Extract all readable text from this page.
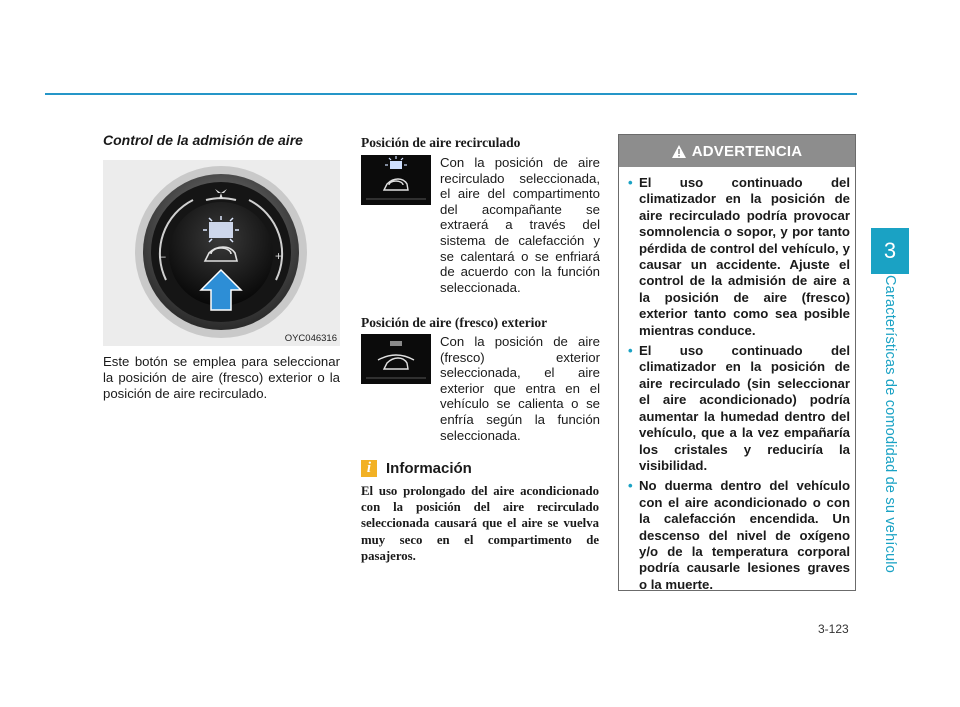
3
Características de comodidad de su vehículo
Control de la admisión de aire
–	+
OYC046316
Este botón se emplea para seleccionar la posición de aire (fresco) exterior o la posición de aire recirculado.
Posición de aire recirculado
Con la posición de aire recirculado seleccionada, el aire del compartimento del acompañante se extraerá a través del sistema de calefacción y se calentará o se enfriará de acuerdo con la función seleccionada.
Posición de aire (fresco) exterior
Con la posición de aire (fresco) exterior seleccionada, el aire exterior que entra en el vehículo se calienta o se enfría según la función seleccionada.
i Información
El uso prolongado del aire acondicionado con la posición del aire recirculado seleccionada causará que el aire se vuelva muy seco en el compartimento de pasajeros.
ADVERTENCIA
• El uso continuado del climatizador en la posición de aire recirculado podría provocar somnolencia o sopor, y por tanto pérdida de control del vehículo, y causar un accidente. Ajuste el control de la admisión de aire a la posición de aire (fresco) exterior tanto como sea posible mientras conduce.
• El uso continuado del climatizador en la posición de aire recirculado (sin seleccionar el aire acondicionado) podría aumentar la humedad dentro del vehículo, que a la vez empañaría los cristales y reduciría la visibilidad.
• No duerma dentro del vehículo con el aire acondicionado o con la calefacción encendida. Un descenso del nivel de oxígeno y/o de la temperatura corporal podría causarle lesiones graves o la muerte.
3-123
